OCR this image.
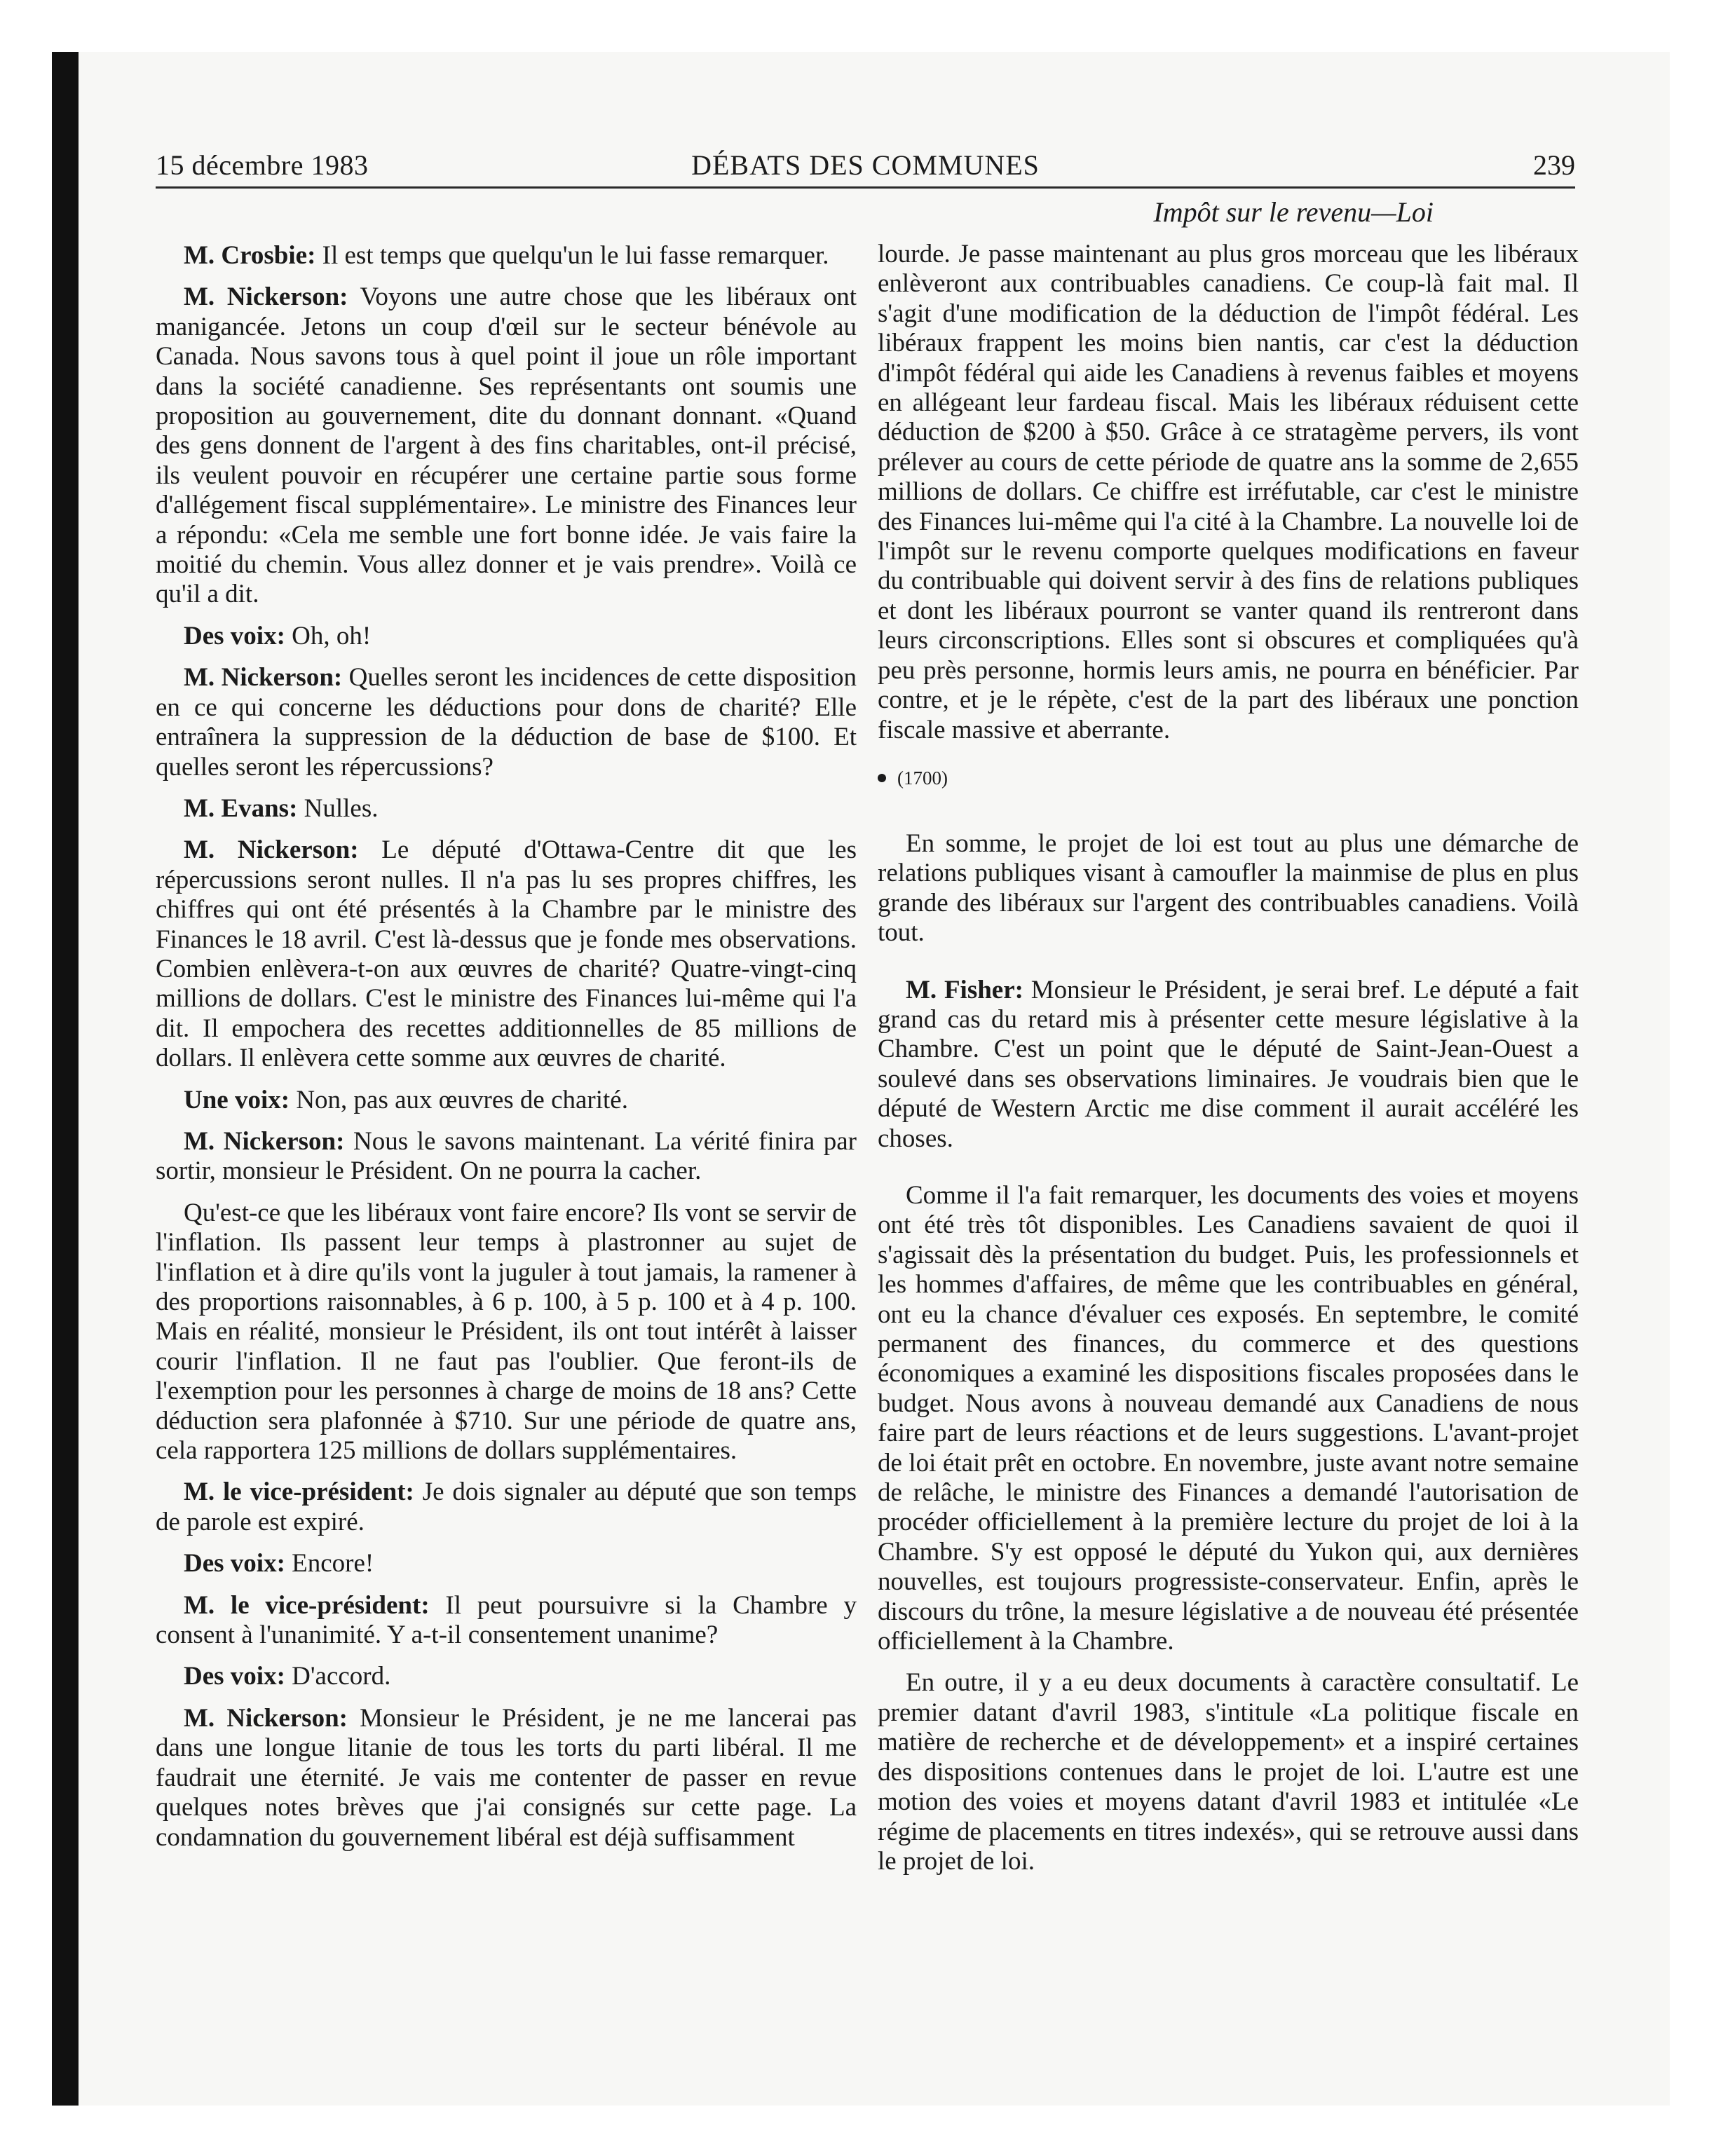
15 décembre 1983	DÉBATS DES COMMUNES	239
Impôt sur le revenu—Loi

M. Crosbie: Il est temps que quelqu'un le lui fasse remarquer.

M. Nickerson: Voyons une autre chose que les libéraux ont manigancée. Jetons un coup d'œil sur le secteur bénévole au Canada. Nous savons tous à quel point il joue un rôle important dans la société canadienne. Ses représentants ont soumis une proposition au gouvernement, dite du donnant donnant. «Quand des gens donnent de l'argent à des fins charitables, ont-il précisé, ils veulent pouvoir en récupérer une certaine partie sous forme d'allégement fiscal supplémentaire». Le ministre des Finances leur a répondu: «Cela me semble une fort bonne idée. Je vais faire la moitié du chemin. Vous allez donner et je vais prendre». Voilà ce qu'il a dit.

Des voix: Oh, oh!

M. Nickerson: Quelles seront les incidences de cette disposition en ce qui concerne les déductions pour dons de charité? Elle entraînera la suppression de la déduction de base de $100. Et quelles seront les répercussions?

M. Evans: Nulles.

M. Nickerson: Le député d'Ottawa-Centre dit que les répercussions seront nulles. Il n'a pas lu ses propres chiffres, les chiffres qui ont été présentés à la Chambre par le ministre des Finances le 18 avril. C'est là-dessus que je fonde mes observations. Combien enlèvera-t-on aux œuvres de charité? Quatre-vingt-cinq millions de dollars. C'est le ministre des Finances lui-même qui l'a dit. Il empochera des recettes additionnelles de 85 millions de dollars. Il enlèvera cette somme aux œuvres de charité.

Une voix: Non, pas aux œuvres de charité.

M. Nickerson: Nous le savons maintenant. La vérité finira par sortir, monsieur le Président. On ne pourra la cacher.

Qu'est-ce que les libéraux vont faire encore? Ils vont se servir de l'inflation. Ils passent leur temps à plastronner au sujet de l'inflation et à dire qu'ils vont la juguler à tout jamais, la ramener à des proportions raisonnables, à 6 p. 100, à 5 p. 100 et à 4 p. 100. Mais en réalité, monsieur le Président, ils ont tout intérêt à laisser courir l'inflation. Il ne faut pas l'oublier. Que feront-ils de l'exemption pour les personnes à charge de moins de 18 ans? Cette déduction sera plafonnée à $710. Sur une période de quatre ans, cela rapportera 125 millions de dollars supplémentaires.

M. le vice-président: Je dois signaler au député que son temps de parole est expiré.

Des voix: Encore!

M. le vice-président: Il peut poursuivre si la Chambre y consent à l'unanimité. Y a-t-il consentement unanime?

Des voix: D'accord.

M. Nickerson: Monsieur le Président, je ne me lancerai pas dans une longue litanie de tous les torts du parti libéral. Il me faudrait une éternité. Je vais me contenter de passer en revue quelques notes brèves que j'ai consignés sur cette page. La condamnation du gouvernement libéral est déjà suffisamment

lourde. Je passe maintenant au plus gros morceau que les libéraux enlèveront aux contribuables canadiens. Ce coup-là fait mal. Il s'agit d'une modification de la déduction de l'impôt fédéral. Les libéraux frappent les moins bien nantis, car c'est la déduction d'impôt fédéral qui aide les Canadiens à revenus faibles et moyens en allégeant leur fardeau fiscal. Mais les libéraux réduisent cette déduction de $200 à $50. Grâce à ce stratagème pervers, ils vont prélever au cours de cette période de quatre ans la somme de 2,655 millions de dollars. Ce chiffre est irréfutable, car c'est le ministre des Finances lui-même qui l'a cité à la Chambre. La nouvelle loi de l'impôt sur le revenu comporte quelques modifications en faveur du contribuable qui doivent servir à des fins de relations publiques et dont les libéraux pourront se vanter quand ils rentreront dans leurs circonscriptions. Elles sont si obscures et compliquées qu'à peu près personne, hormis leurs amis, ne pourra en bénéficier. Par contre, et je le répète, c'est de la part des libéraux une ponction fiscale massive et aberrante.

(1700)

En somme, le projet de loi est tout au plus une démarche de relations publiques visant à camoufler la mainmise de plus en plus grande des libéraux sur l'argent des contribuables canadiens. Voilà tout.

M. Fisher: Monsieur le Président, je serai bref. Le député a fait grand cas du retard mis à présenter cette mesure législative à la Chambre. C'est un point que le député de Saint-Jean-Ouest a soulevé dans ses observations liminaires. Je voudrais bien que le député de Western Arctic me dise comment il aurait accéléré les choses.

Comme il l'a fait remarquer, les documents des voies et moyens ont été très tôt disponibles. Les Canadiens savaient de quoi il s'agissait dès la présentation du budget. Puis, les professionnels et les hommes d'affaires, de même que les contribuables en général, ont eu la chance d'évaluer ces exposés. En septembre, le comité permanent des finances, du commerce et des questions économiques a examiné les dispositions fiscales proposées dans le budget. Nous avons à nouveau demandé aux Canadiens de nous faire part de leurs réactions et de leurs suggestions. L'avant-projet de loi était prêt en octobre. En novembre, juste avant notre semaine de relâche, le ministre des Finances a demandé l'autorisation de procéder officiellement à la première lecture du projet de loi à la Chambre. S'y est opposé le député du Yukon qui, aux dernières nouvelles, est toujours progressiste-conservateur. Enfin, après le discours du trône, la mesure législative a de nouveau été présentée officiellement à la Chambre.

En outre, il y a eu deux documents à caractère consultatif. Le premier datant d'avril 1983, s'intitule «La politique fiscale en matière de recherche et de développement» et a inspiré certaines des dispositions contenues dans le projet de loi. L'autre est une motion des voies et moyens datant d'avril 1983 et intitulée «Le régime de placements en titres indexés», qui se retrouve aussi dans le projet de loi.
